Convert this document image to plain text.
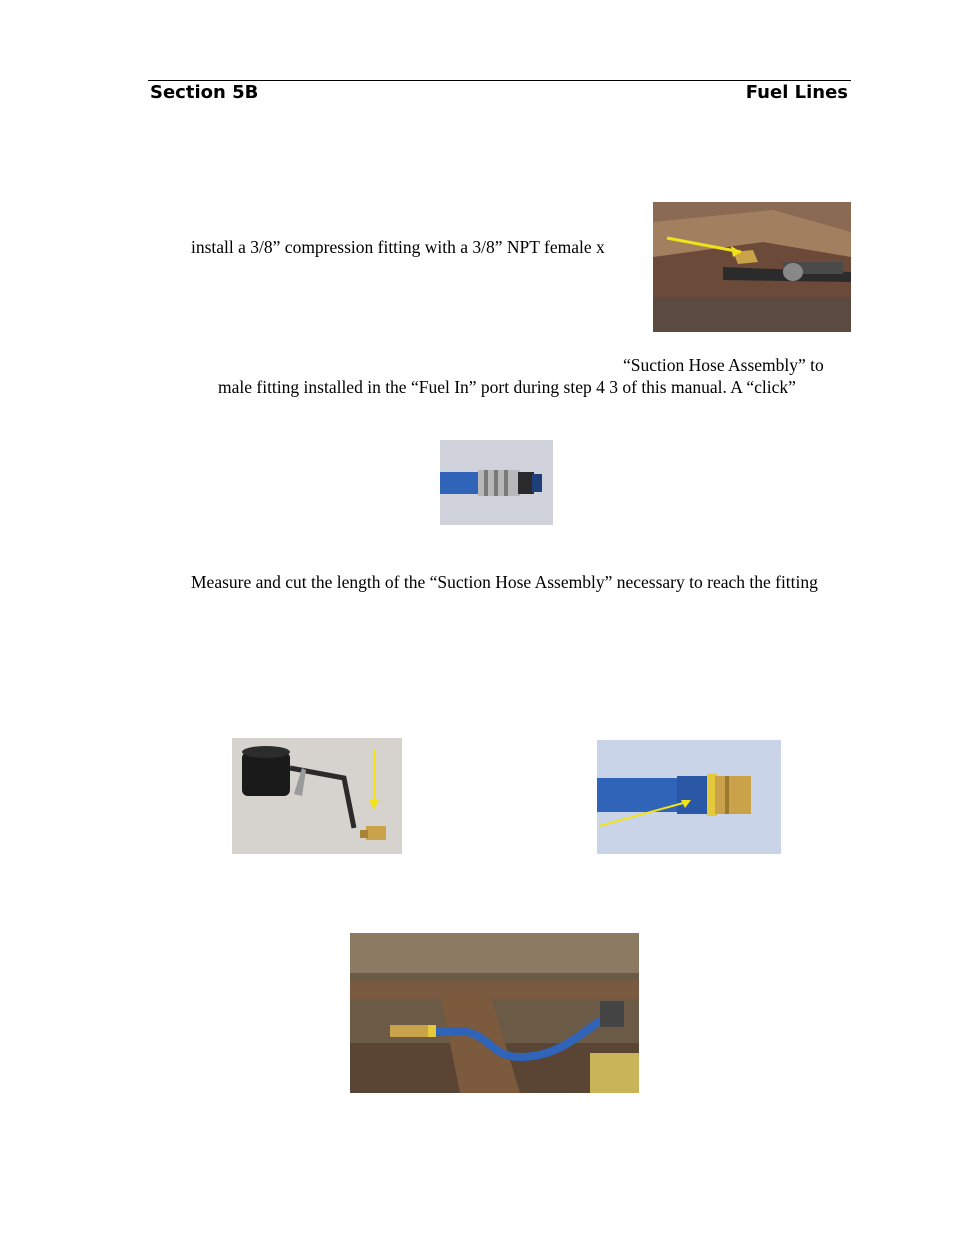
Section 5B	Fuel Lines
install a 3/8” compression fitting with a 3/8” NPT female x
“Suction Hose Assembly” to
male fitting installed in the “Fuel In” port during step 4 3 of this manual. A “click”
Measure and cut the length of the “Suction Hose Assembly” necessary to reach the fitting
